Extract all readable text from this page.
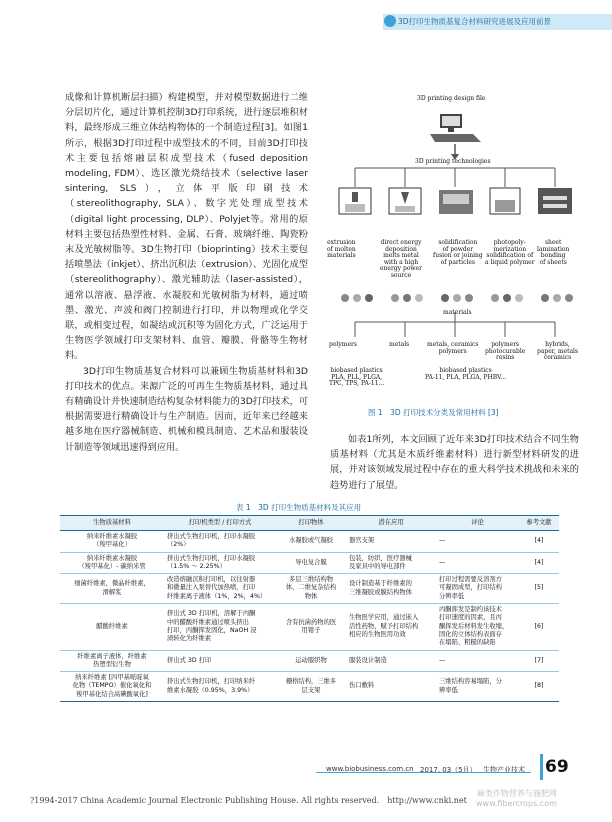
3D打印生物质基复合材料研究进展及应用前景

成像和计算机断层扫描）构建模型，并对模型数据进行二维分层切片化，通过计算机控制3D打印系统，进行逐层堆积材料，最终形成三维立体结构物体的一个制造过程[3]。如图1所示，根据3D打印过程中成型技术的不同，目前3D打印技术主要包括熔融层积成型技术（fused deposition modeling, FDM）、选区激光烧结技术（selective laser sintering, SLS），立体平版印刷技术（stereolithography, SLA）、数字光处理成型技术（digital light processing, DLP）、Polyjet等。常用的原材料主要包括热塑性材料、金属、石膏、玻璃纤维、陶瓷粉末及光敏树脂等。3D生物打印（bioprinting）技术主要包括喷墨法（inkjet）、挤出沉积法（extrusion）、光固化成型（stereolithography）、激光辅助法（laser-assisted），通常以溶液、悬浮液、水凝胶和光敏树脂为材料，通过喷墨、激光、声波和阀门控制进行打印，并以物理或化学交联，或相变过程，如凝结或沉积等为固化方式，广泛运用于生物医学领域打印支架材料、血管、瓣膜、骨骼等生物材料。

3D打印生物质基复合材料可以兼顾生物质基材料和3D打印技术的优点。来源广泛的可再生生物质基材料，通过具有精确设计并快速制造结构复杂材料能力的3D打印技术，可根据需要进行精确设计与生产制造。因而，近年来已经越来越多地在医疗器械制造、机械和模具制造、艺术品和服装设计制造等领域迅速得到应用。

3D printing design file
3D printing technologies
extrusion
of molten
materials
direct energy
deposition
melts metal
with a high
energy power
source
solidification
of powder
fusion or joining
of particles
photopoly-
merization
solidification of
a liquid polymer
sheet
lamination
bonding
of sheets
materials
polymers	metals	metals, ceramics
polymers
polymers
photocurable
resins
hybrids,
paper, metals
ceramics
biobased plastics
PLA, PLL, PLGA,
TPC, TPS, PA-11...
biobased plastics
PA-11, PLA, PLGA, PHBV...
图 1　3D 打印技术分类及常用材料 [3]

如表1所列，本文回顾了近年来3D打印技术结合不同生物质基材料（尤其是木质纤维素材料）进行新型材料研发的进展，并对该领域发展过程中存在的重大科学技术挑战和未来的趋势进行了展望。

表 1　3D 打印生物质基材料及其应用
生物质基材料	打印机类型 / 打印方式	打印物体	潜在应用	评论	参考文献
纳米纤维素水凝胶
（羧甲基化）	挤出式生物打印机，打印水凝胶
（2%）	水凝胶或气凝胶	器官支架	—	[4]
纳米纤维素水凝胶
（羧甲基化）- 碳纳米管	挤出式生物打印机，打印水凝胶
（1.5% ～ 2.25%）	导电复合膜	包装，纺织，医疗器械
及家具中的导电部件	—	[4]
细菌纤维素，微晶纤维素，
滑解浆	改造熔融沉积打印机，以往射器
和微量注入泵替代加热喷，打印
纤维素离子液体（1%，2%，4%）	多层三维结构物
体，二维复杂结构
物体	设计制造基于纤维素的
三维凝胶或膜结构物体	打印过程需要反溶剂方
可凝固成型，打印结构
分辨率低	[5]
醋酸纤维素	挤出式 3D 打印机，溶解于丙酮
中的醋酸纤维素通过喷头挤出
打印，丙酮挥发固化，NaOH 浸
渍转化为纤维素	含有抗菌药物的医
用钳子	生物医学应用，通过嵌入
活性药物，赋予打印结构
相应的生物医用功效	丙酮挥发是制约该技术
打印速度的因素，且丙
酮挥发后材料发生收缩，
固化的立体结构表面存
在塌陷、粗糙的缺陷	[6]
纤维素离子液体，纤维素
热塑型衍生物	挤出式 3D 打印	运动服织物	服装设计制造	—	[7]
纳米纤维素 [四甲基哌啶氧
化物（TEMPO）催化氧化和
羧甲基化结合高碘酸氧化]	挤出式生物打印机，打印纳米纤
维素水凝胶（0.95%，3.9%）	栅格结构，三维多
层支架	伤口敷料	三维结构容易塌陷，分
辨率低	[8]
www.biobusiness.com.cn 2017. 03（5月） 生物产业技术 69
?1994-2017 China Academic Journal Electronic Publishing House. All rights reserved.　http://www.cnki.net
麻类作物营养与施肥网
www.fibercrops.com
